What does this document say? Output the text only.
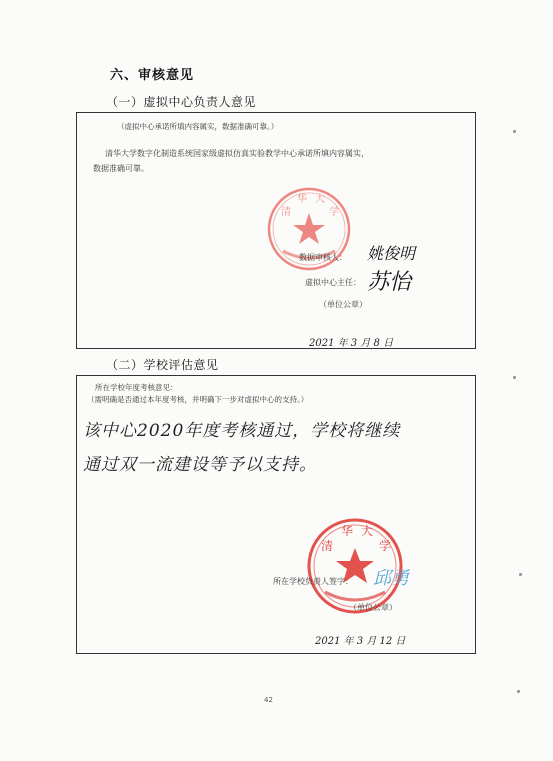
六、审核意见
（一）虚拟中心负责人意见
（虚拟中心承诺所填内容属实，数据准确可靠。）
清华大学数字化制造系统国家级虚拟仿真实验教学中心承诺所填内容属实，
数据准确可靠。
清
华 大
学
数据审核人： 姚俊明
虚拟中心主任： 苏怡
（单位公章）
2021 年 3 月 8 日
（二）学校评估意见
所在学校年度考核意见：
（需明确是否通过本年度考核，并明确下一步对虚拟中心的支持。）
该中心2020年度考核通过，学校将继续
通过双一流建设等予以支持。
清
华 大
学
所在学校负责人签字： 邱勇
（单位公章）
2021 年 3 月 12 日
42
